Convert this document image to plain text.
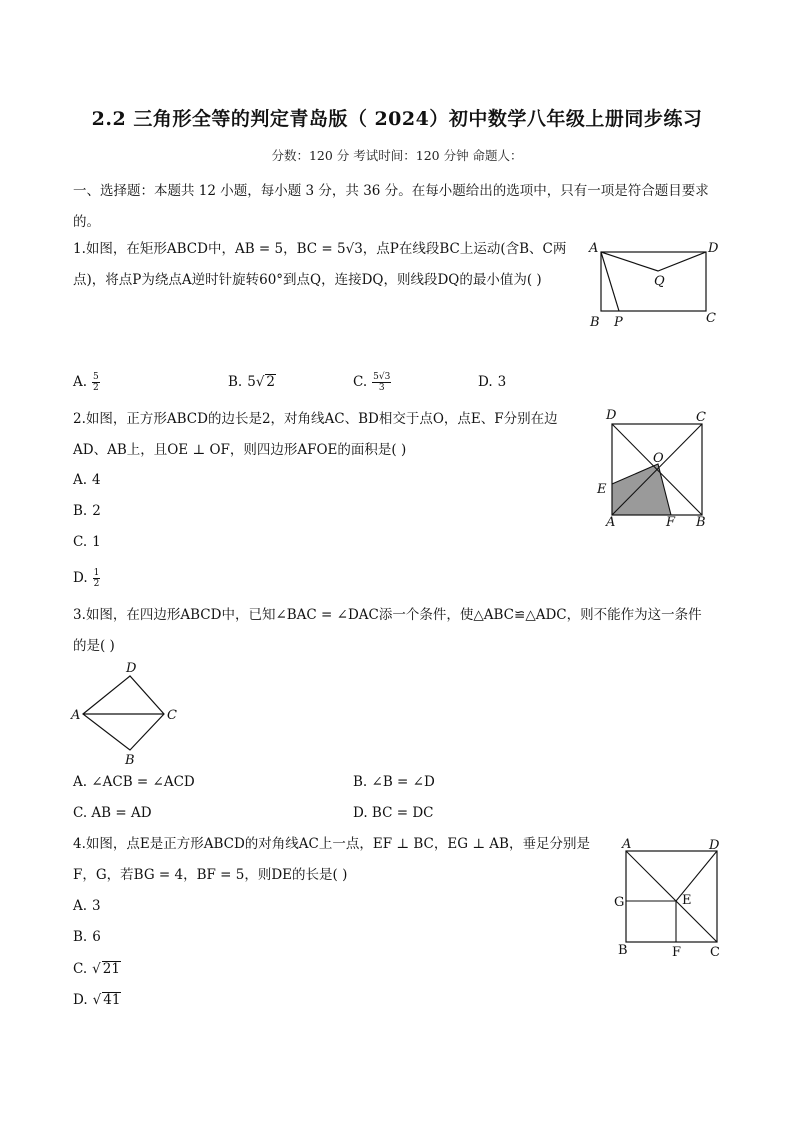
2.2 三角形全等的判定青岛版（ 2024）初中数学八年级上册同步练习
分数：120 分 考试时间：120 分钟 命题人：
一、选择题：本题共 12 小题，每小题 3 分，共 36 分。在每小题给出的选项中，只有一项是符合题目要求
的。
1.如图，在矩形ABCD中，AB = 5，BC = 5√3，点P在线段BC上运动(含B、C两
点)，将点P为绕点A逆时针旋转60°到点Q，连接DQ，则线段DQ的最小值为( )
A	D
Q
B P	C
A. $\frac{5}{2}$	B. 5√ 2	C. $\frac{5√3}{3}$	D. 3
2.如图，正方形ABCD的边长是2，对角线AC、BD相交于点O，点E、F分别在边
AD、AB上，且OE ⊥ OF，则四边形AFOE的面积是( )
D	C
O
E
A	F B
A. 4
B. 2
C. 1
D. $\frac{1}{2}$
3.如图，在四边形ABCD中，已知∠BAC = ∠DAC添一个条件，使△ABC≌△ADC，则不能作为这一条件
的是( )
D
A	C
B
A. ∠ACB = ∠ACD	B. ∠B = ∠D
C. AB = AD	D. BC = DC
4.如图，点E是正方形ABCD的对角线AC上一点，EF ⊥ BC，EG ⊥ AB，垂足分别是
F，G，若BG = 4，BF = 5，则DE的长是( )
A	D
G	E
B	F C
A. 3
B. 6
C. √ 21
D. √ 41
